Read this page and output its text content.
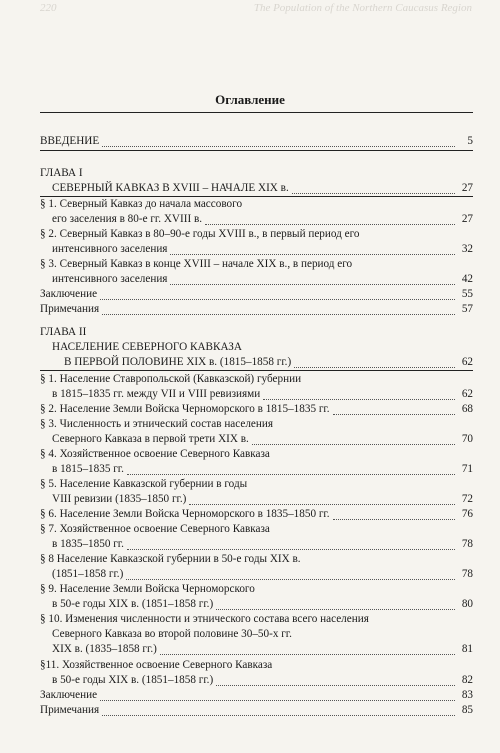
220	The Population of the Northern Caucasus Region
Оглавление
ВВЕДЕНИЕ	5
ГЛАВА I
СЕВЕРНЫЙ КАВКАЗ В XVIII – НАЧАЛЕ XIX в.	27
§ 1. Северный Кавказ до начала массового
его заселения в 80-е гг. XVIII в.	27
§ 2. Северный Кавказ в 80–90-е годы XVIII в., в первый период его
интенсивного заселения	32
§ 3. Северный Кавказ в конце XVIII – начале XIX в., в период его
интенсивного заселения	42
Заключение	55
Примечания	57
ГЛАВА II
НАСЕЛЕНИЕ СЕВЕРНОГО КАВКАЗА
В ПЕРВОЙ ПОЛОВИНЕ XIX в. (1815–1858 гг.)	62
§ 1. Население Ставропольской (Кавказской) губернии
в 1815–1835 гг. между VII и VIII ревизиями	62
§ 2. Население Земли Войска Черноморского в 1815–1835 гг.	68
§ 3. Численность и этнический состав населения
Северного Кавказа в первой трети XIX в.	70
§ 4. Хозяйственное освоение Северного Кавказа
в 1815–1835 гг.	71
§ 5. Население Кавказской губернии в годы
VIII ревизии (1835–1850 гг.)	72
§ 6. Население Земли Войска Черноморского в 1835–1850 гг.	76
§ 7. Хозяйственное освоение Северного Кавказа
в 1835–1850 гг.	78
§ 8 Население Кавказской губернии в 50-е годы XIX в.
(1851–1858 гг.)	78
§ 9. Население Земли Войска Черноморского
в 50-е годы XIX в. (1851–1858 гг.)	80
§ 10. Изменения численности и этнического состава всего населения
Северного Кавказа во второй половине 30–50-х гг.
XIX в. (1835–1858 гг.)	81
§11. Хозяйственное освоение Северного Кавказа
в 50-е годы XIX в. (1851–1858 гг.)	82
Заключение	83
Примечания	85
